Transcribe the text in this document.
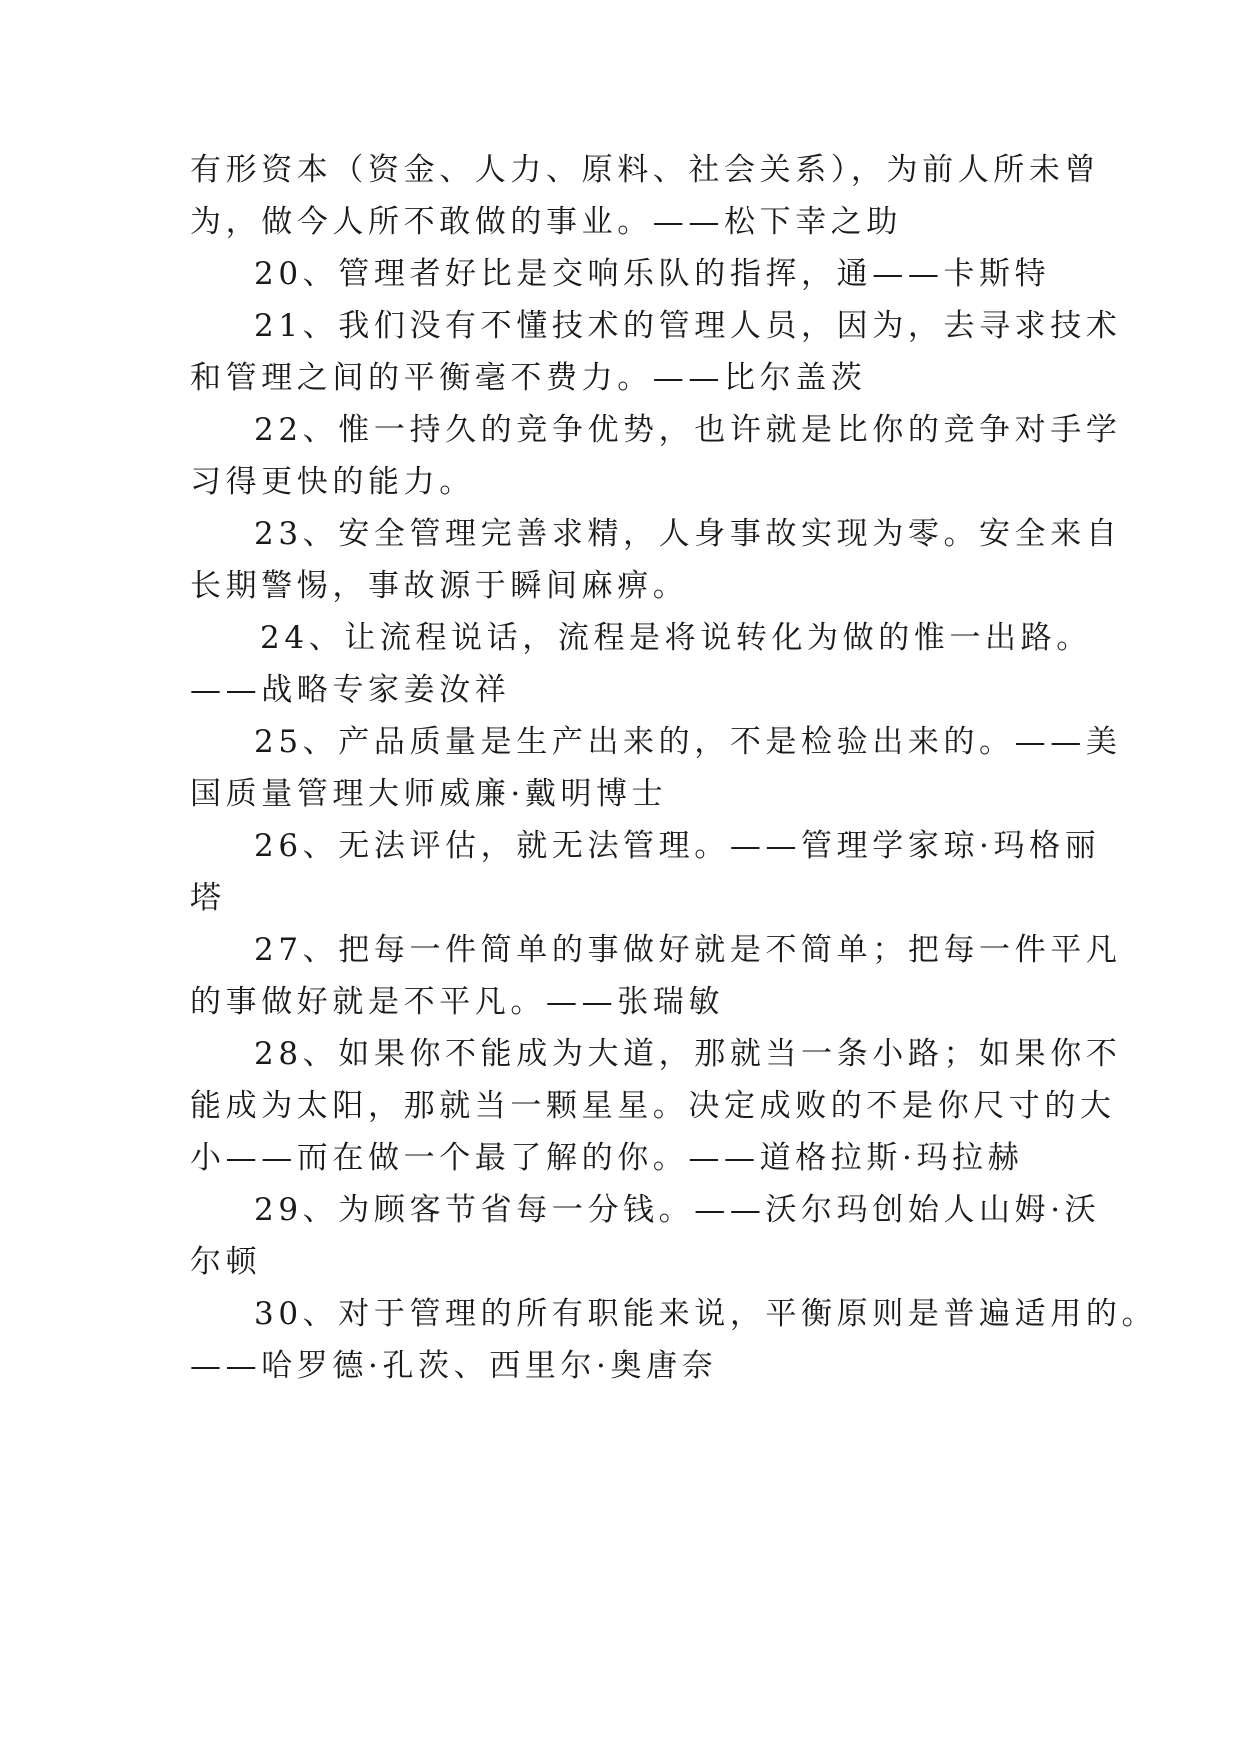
有形资本（资金、人力、原料、社会关系），为前人所未曾
为，做今人所不敢做的事业。——松下幸之助
20、管理者好比是交响乐队的指挥，通——卡斯特
21、我们没有不懂技术的管理人员，因为，去寻求技术
和管理之间的平衡毫不费力。——比尔盖茨
22、惟一持久的竞争优势，也许就是比你的竞争对手学
习得更快的能力。
23、安全管理完善求精，人身事故实现为零。安全来自
长期警惕，事故源于瞬间麻痹。
24、让流程说话，流程是将说转化为做的惟一出路。
——战略专家姜汝祥
25、产品质量是生产出来的，不是检验出来的。——美
国质量管理大师威廉·戴明博士
26、无法评估，就无法管理。——管理学家琼·玛格丽
塔
27、把每一件简单的事做好就是不简单；把每一件平凡
的事做好就是不平凡。——张瑞敏
28、如果你不能成为大道，那就当一条小路；如果你不
能成为太阳，那就当一颗星星。决定成败的不是你尺寸的大
小——而在做一个最了解的你。——道格拉斯·玛拉赫
29、为顾客节省每一分钱。——沃尔玛创始人山姆·沃
尔顿
30、对于管理的所有职能来说，平衡原则是普遍适用的。
——哈罗德·孔茨、西里尔·奥唐奈
